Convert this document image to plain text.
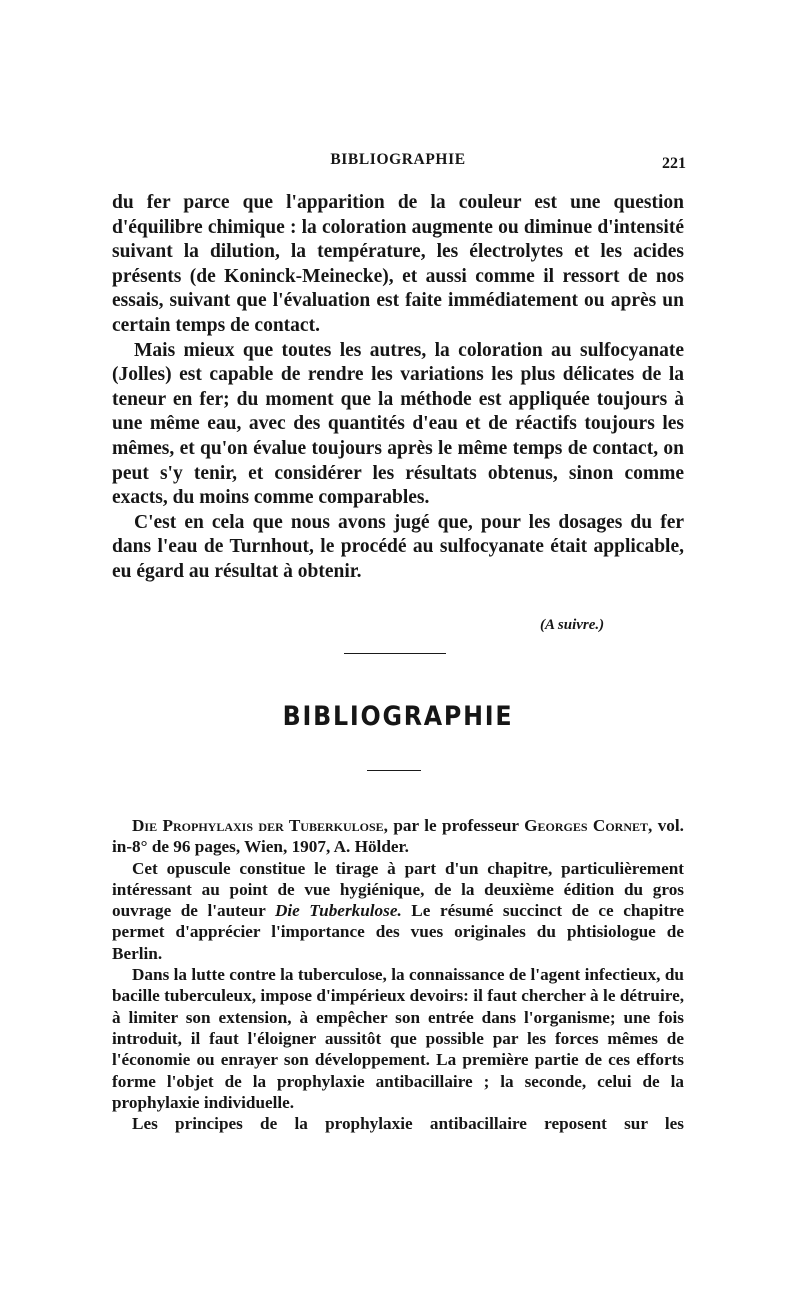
BIBLIOGRAPHIE	221

du fer parce que l'apparition de la couleur est une question d'équilibre chimique : la coloration augmente ou diminue d'intensité suivant la dilution, la température, les électrolytes et les acides présents (de Koninck-Meinecke), et aussi comme il ressort de nos essais, suivant que l'évaluation est faite immédiatement ou après un certain temps de contact.

Mais mieux que toutes les autres, la coloration au sulfocyanate (Jolles) est capable de rendre les variations les plus délicates de la teneur en fer; du moment que la méthode est appliquée toujours à une même eau, avec des quantités d'eau et de réactifs toujours les mêmes, et qu'on évalue toujours après le même temps de contact, on peut s'y tenir, et considérer les résultats obtenus, sinon comme exacts, du moins comme comparables.

C'est en cela que nous avons jugé que, pour les dosages du fer dans l'eau de Turnhout, le procédé au sulfocyanate était applicable, eu égard au résultat à obtenir.

(A suivre.)
BIBLIOGRAPHIE

Die Prophylaxis der Tuberkulose, par le professeur Georges Cornet, vol. in-8° de 96 pages, Wien, 1907, A. Hölder.

Cet opuscule constitue le tirage à part d'un chapitre, particulièrement intéressant au point de vue hygiénique, de la deuxième édition du gros ouvrage de l'auteur Die Tuberkulose. Le résumé succinct de ce chapitre permet d'apprécier l'importance des vues originales du phtisiologue de Berlin.

Dans la lutte contre la tuberculose, la connaissance de l'agent infectieux, du bacille tuberculeux, impose d'impérieux devoirs: il faut chercher à le détruire, à limiter son extension, à empêcher son entrée dans l'organisme; une fois introduit, il faut l'éloigner aussitôt que possible par les forces mêmes de l'économie ou enrayer son développement. La première partie de ces efforts forme l'objet de la prophylaxie antibacillaire ; la seconde, celui de la prophylaxie individuelle.

Les principes de la prophylaxie antibacillaire reposent sur les
